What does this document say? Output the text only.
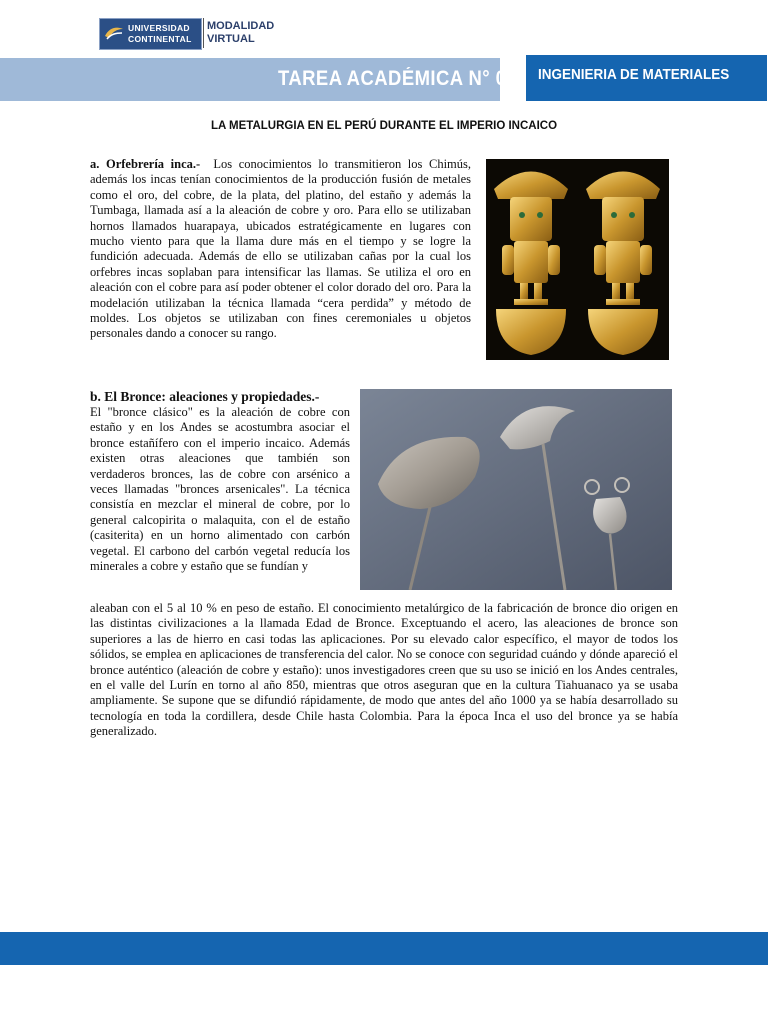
UNIVERSIDAD
CONTINENTAL
MODALIDAD
VIRTUAL
TAREA ACADÉMICA N° 01 INGENIERIA DE MATERIALES
LA METALURGIA EN EL PERÚ DURANTE EL IMPERIO INCAICO
a. Orfebrería inca.- Los conocimientos lo transmitieron los Chimús, además los incas tenían conocimientos de la producción fusión de metales como el oro, del cobre, de la plata, del platino, del estaño y además la Tumbaga, llamada así a la aleación de cobre y oro. Para ello se utilizaban hornos llamados huarapaya, ubicados estratégicamente en lugares con mucho viento para que la llama dure más en el tiempo y se logre la fundición adecuada. Además de ello se utilizaban cañas por la cual los orfebres incas soplaban para intensificar las llamas. Se utiliza el oro en aleación con el cobre para así poder obtener el color dorado del oro. Para la modelación utilizaban la técnica llamada “cera perdida” y método de moldes. Los objetos se utilizaban con fines ceremoniales u objetos personales dando a conocer su rango.
b. El Bronce: aleaciones y propiedades.-
El "bronce clásico" es la aleación de cobre con estaño y en los Andes se acostumbra asociar el bronce estañífero con el imperio incaico. Además existen otras aleaciones que también son verdaderos bronces, las de cobre con arsénico a veces llamadas "bronces arsenicales". La técnica consistía en mezclar el mineral de cobre, por lo general calcopirita o malaquita, con el de estaño (casiterita) en un horno alimentado con carbón vegetal. El carbono del carbón vegetal reducía los minerales a cobre y estaño que se fundían y
aleaban con el 5 al 10 % en peso de estaño. El conocimiento metalúrgico de la fabricación de bronce dio origen en las distintas civilizaciones a la llamada Edad de Bronce. Exceptuando el acero, las aleaciones de bronce son superiores a las de hierro en casi todas las aplicaciones. Por su elevado calor específico, el mayor de todos los sólidos, se emplea en aplicaciones de transferencia del calor. No se conoce con seguridad cuándo y dónde apareció el bronce auténtico (aleación de cobre y estaño): unos investigadores creen que su uso se inició en los Andes centrales, en el valle del Lurín en torno al año 850, mientras que otros aseguran que en la cultura Tiahuanaco ya se usaba ampliamente. Se supone que se difundió rápidamente, de modo que antes del año 1000 ya se había desarrollado su tecnología en toda la cordillera, desde Chile hasta Colombia. Para la época Inca el uso del bronce ya se había generalizado.
